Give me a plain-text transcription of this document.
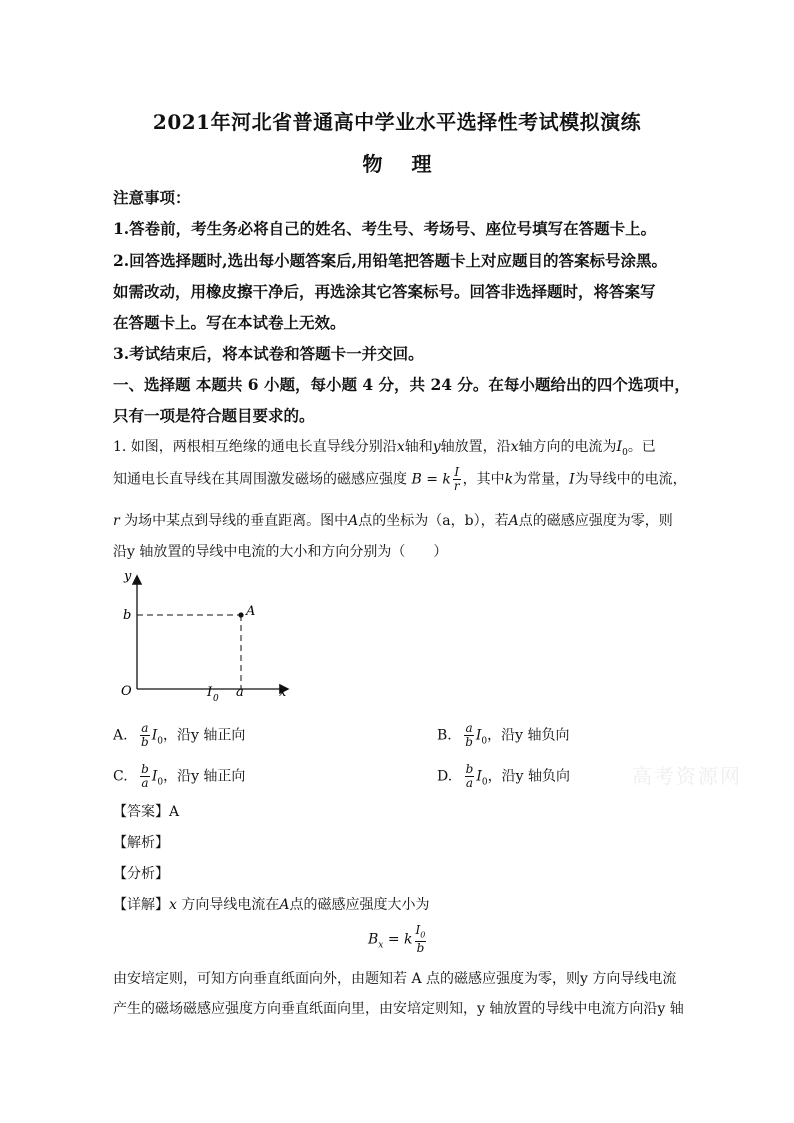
2021年河北省普通高中学业水平选择性考试模拟演练
物 理
注意事项：
1.答卷前，考生务必将自己的姓名、考生号、考场号、座位号填写在答题卡上。
2.回答选择题时,选出每小题答案后,用铅笔把答题卡上对应题目的答案标号涂黑。
如需改动，用橡皮擦干净后，再选涂其它答案标号。回答非选择题时，将答案写
在答题卡上。写在本试卷上无效。
3.考试结束后，将本试卷和答题卡一并交回。
一、选择题 本题共 6 小题，每小题 4 分，共 24 分。在每小题给出的四个选项中，
只有一项是符合题目要求的。
1. 如图，两根相互绝缘的通电长直导线分别沿x轴和y轴放置，沿x轴方向的电流为$I_0$。已
知通电长直导线在其周围激发磁场的磁感应强度 B = k $\frac{I}{r}$ ，其中k为常量，I为导线中的电流，
r 为场中某点到导线的垂直距离。图中A点的坐标为（a，b），若A点的磁感应强度为零，则
沿y 轴放置的导线中电流的大小和方向分别为（　　）
y
b	A
O	I 0 a	x
A. $\frac{a}{b} I_0$，沿y 轴正向	B. $\frac{a}{b} I_0$，沿y 轴负向
C. $\frac{b}{a} I_0$，沿y 轴正向	D. $\frac{b}{a} I_0$，沿y 轴负向	高考资源网
【答案】A
【解析】
【分析】
【详解】x 方向导线电流在A点的磁感应强度大小为
$B_x = k \frac{I_0}{b}$
由安培定则，可知方向垂直纸面向外，由题知若 A 点的磁感应强度为零，则y 方向导线电流
产生的磁场磁感应强度方向垂直纸面向里，由安培定则知，y 轴放置的导线中电流方向沿y 轴
